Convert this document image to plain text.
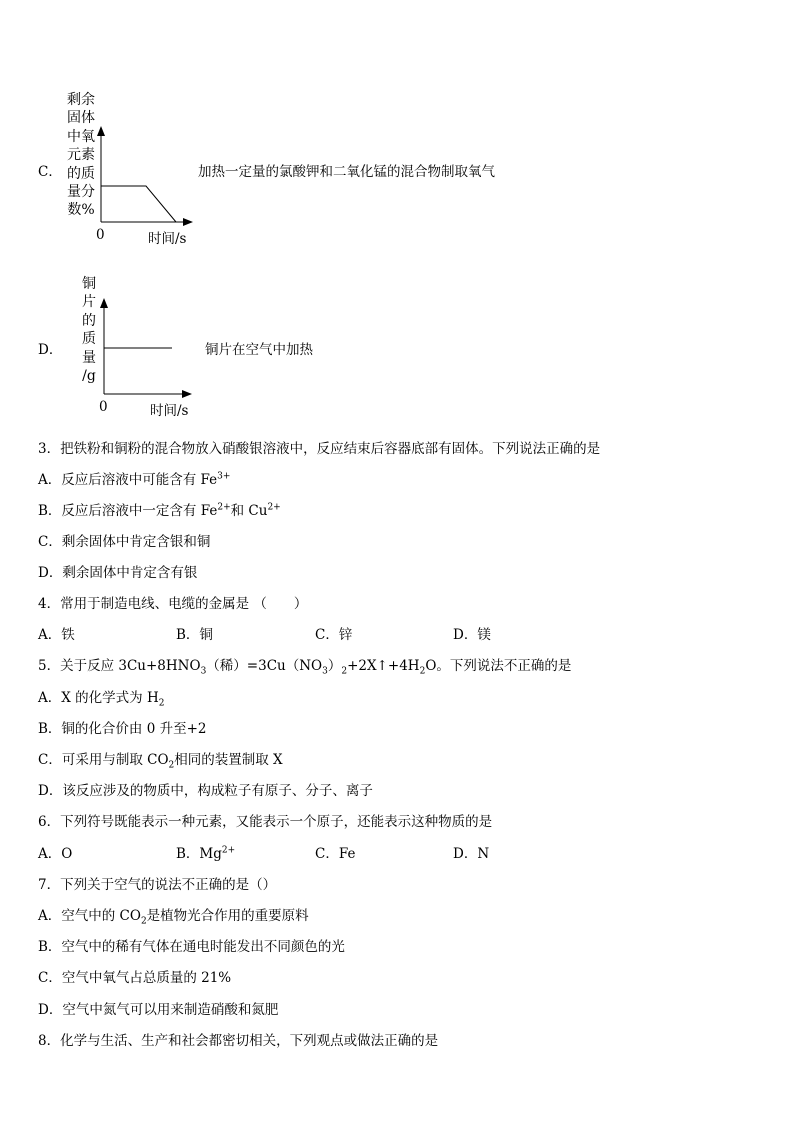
C．
剩余
固体
中氧
元素
的质
量分
数%
0	时间/s
加热一定量的氯酸钾和二氧化锰的混合物制取氧气
D．
铜
片
的
质
量
/g
0	时间/s
铜片在空气中加热
3．把铁粉和铜粉的混合物放入硝酸银溶液中，反应结束后容器底部有固体。下列说法正确的是
A．反应后溶液中可能含有 $Fe^{3+}$
B．反应后溶液中一定含有 $Fe^{2+}$和 $Cu^{2+}$
C．剩余固体中肯定含银和铜
D．剩余固体中肯定含有银
4．常用于制造电线、电缆的金属是 （　　）
A．铁	B．铜	C．锌	D．镁
5．关于反应 $3Cu+8HNO_3$（稀）$=3Cu(NO_3)_2+2X↑+4H_2O$。下列说法不正确的是
A．X 的化学式为 $H_2$
B．铜的化合价由 0 升至+2
C．可采用与制取 $CO_2$相同的装置制取 X
D．该反应涉及的物质中，构成粒子有原子、分子、离子
6．下列符号既能表示一种元素，又能表示一个原子，还能表示这种物质的是
A．O	B．$Mg^{2+}$	C．Fe	D．N
7．下列关于空气的说法不正确的是（）
A．空气中的 $CO_2$是植物光合作用的重要原料
B．空气中的稀有气体在通电时能发出不同颜色的光
C．空气中氧气占总质量的 21%
D．空气中氮气可以用来制造硝酸和氮肥
8．化学与生活、生产和社会都密切相关，下列观点或做法正确的是
